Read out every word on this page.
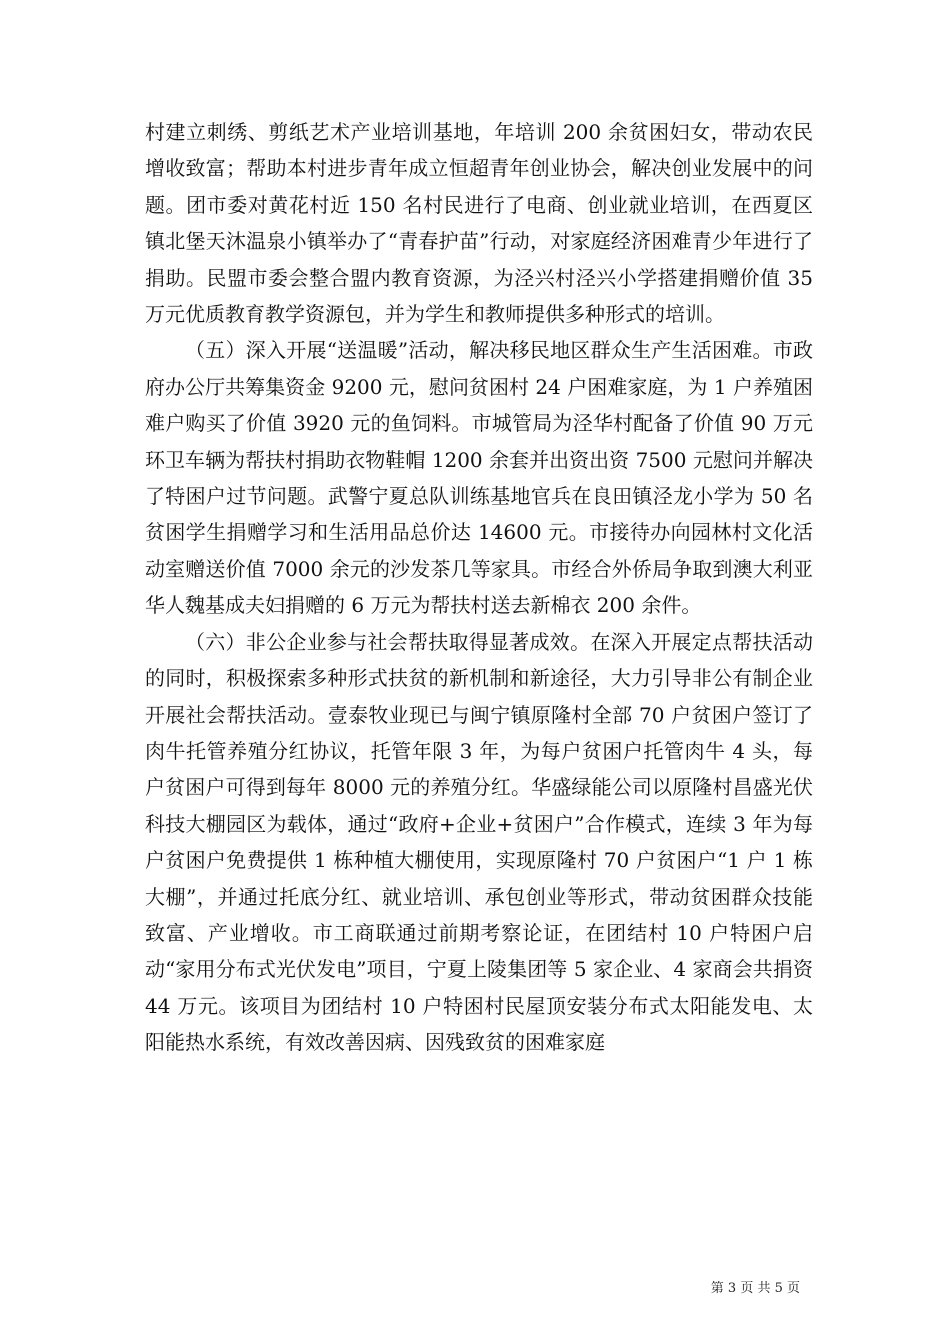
村建立刺绣、剪纸艺术产业培训基地，年培训 200 余贫困妇女，带动农民增收致富；帮助本村进步青年成立恒超青年创业协会，解决创业发展中的问题。团市委对黄花村近 150 名村民进行了电商、创业就业培训，在西夏区镇北堡天沐温泉小镇举办了“青春护苗”行动，对家庭经济困难青少年进行了捐助。民盟市委会整合盟内教育资源，为泾兴村泾兴小学搭建捐赠价值 35 万元优质教育教学资源包，并为学生和教师提供多种形式的培训。

（五）深入开展“送温暖”活动，解决移民地区群众生产生活困难。市政府办公厅共筹集资金 9200 元，慰问贫困村 24 户困难家庭，为 1 户养殖困难户购买了价值 3920 元的鱼饲料。市城管局为泾华村配备了价值 90 万元环卫车辆为帮扶村捐助衣物鞋帽 1200 余套并出资出资 7500 元慰问并解决了特困户过节问题。武警宁夏总队训练基地官兵在良田镇泾龙小学为 50 名贫困学生捐赠学习和生活用品总价达 14600 元。市接待办向园林村文化活动室赠送价值 7000 余元的沙发茶几等家具。市经合外侨局争取到澳大利亚华人魏基成夫妇捐赠的 6 万元为帮扶村送去新棉衣 200 余件。

（六）非公企业参与社会帮扶取得显著成效。在深入开展定点帮扶活动的同时，积极探索多种形式扶贫的新机制和新途径，大力引导非公有制企业开展社会帮扶活动。壹泰牧业现已与闽宁镇原隆村全部 70 户贫困户签订了肉牛托管养殖分红协议，托管年限 3 年，为每户贫困户托管肉牛 4 头，每户贫困户可得到每年 8000 元的养殖分红。华盛绿能公司以原隆村昌盛光伏科技大棚园区为载体，通过“政府+企业+贫困户”合作模式，连续 3 年为每户贫困户免费提供 1 栋种植大棚使用，实现原隆村 70 户贫困户“1 户 1 栋大棚”，并通过托底分红、就业培训、承包创业等形式，带动贫困群众技能致富、产业增收。市工商联通过前期考察论证，在团结村 10 户特困户启动“家用分布式光伏发电”项目，宁夏上陵集团等 5 家企业、4 家商会共捐资 44 万元。该项目为团结村 10 户特困村民屋顶安装分布式太阳能发电、太阳能热水系统，有效改善因病、因残致贫的困难家庭

第 3 页 共 5 页
